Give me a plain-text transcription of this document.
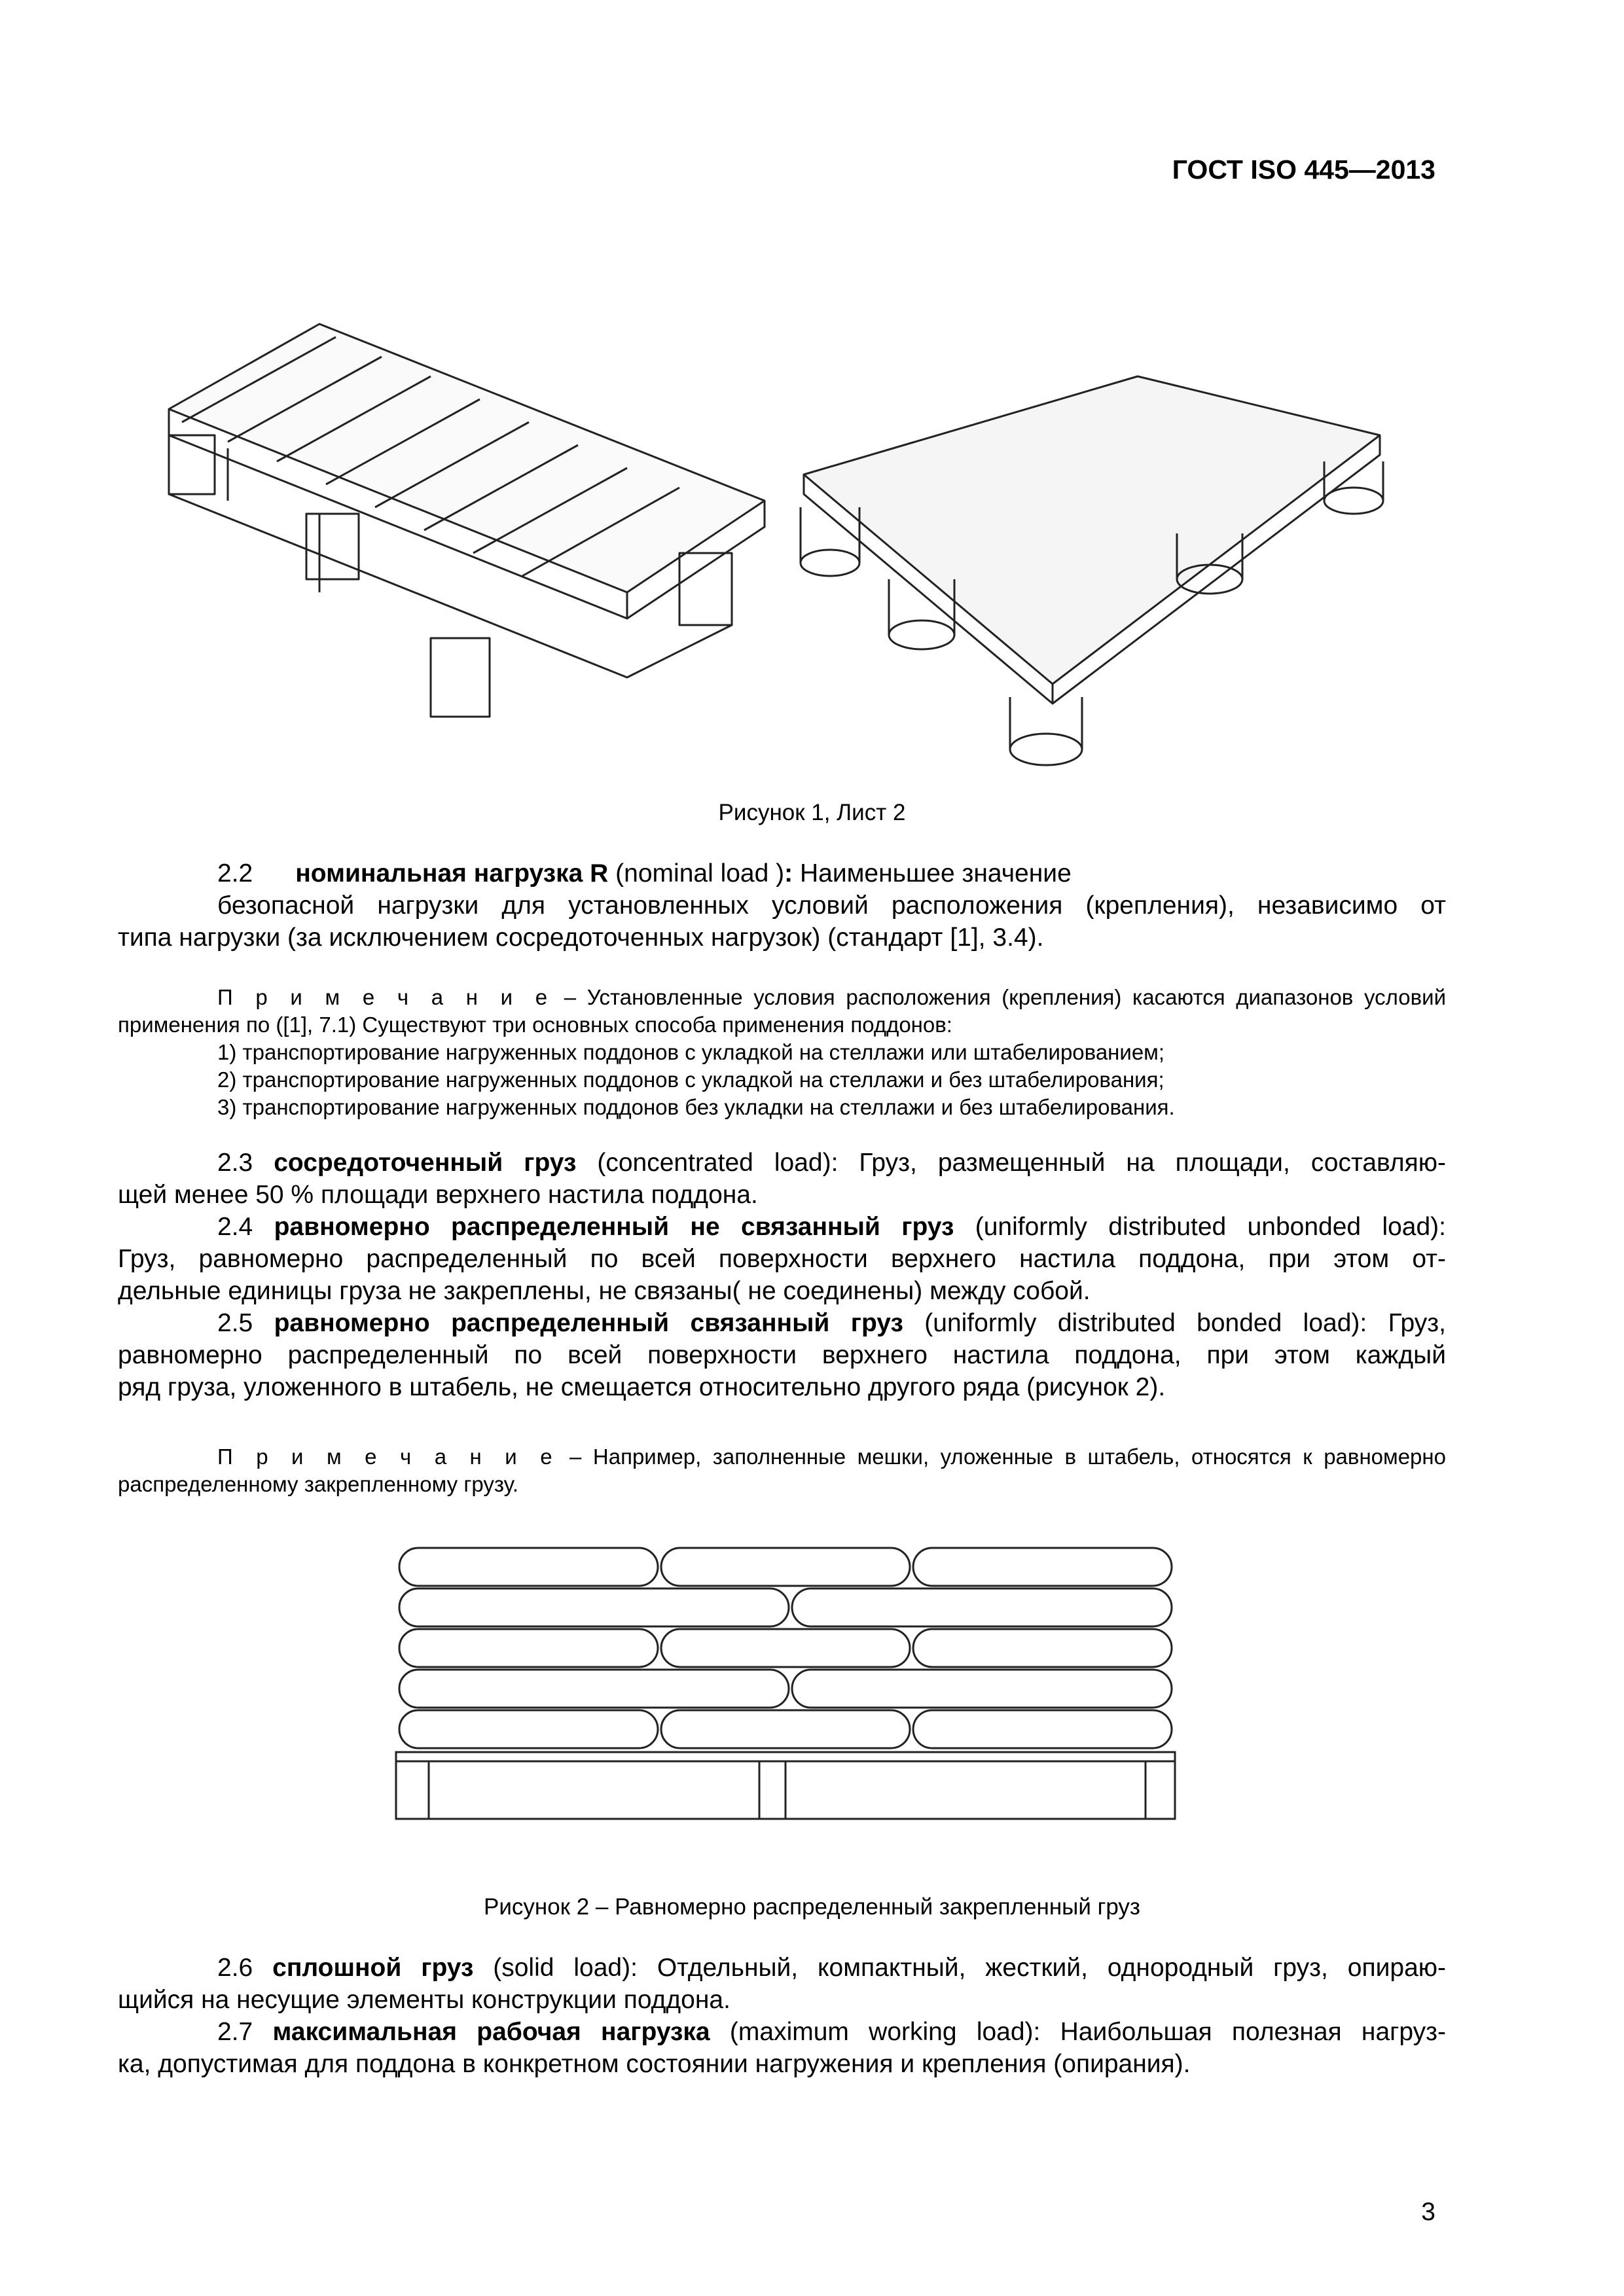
ГОСТ ISO 445—2013
Рисунок 1, Лист 2
2.2 номинальная нагрузка R (nominal load ): Наименьшее значение
безопасной нагрузки для установленных условий расположения (крепления), независимо от
типа нагрузки (за исключением сосредоточенных нагрузок) (стандарт [1], 3.4).
П р и м е ч а н и е – Установленные условия расположения (крепления) касаются диапазонов условий
применения по ([1], 7.1) Существуют три основных способа применения поддонов:
1) транспортирование нагруженных поддонов с укладкой на стеллажи или штабелированием;
2) транспортирование нагруженных поддонов с укладкой на стеллажи и без штабелирования;
3) транспортирование нагруженных поддонов без укладки на стеллажи и без штабелирования.
2.3 сосредоточенный груз (concentrated load): Груз, размещенный на площади, составляю-
щей менее 50 % площади верхнего настила поддона.
2.4 равномерно распределенный не связанный груз (uniformly distributed unbonded load):
Груз, равномерно распределенный по всей поверхности верхнего настила поддона, при этом от-
дельные единицы груза не закреплены, не связаны( не соединены) между собой.
2.5 равномерно распределенный связанный груз (uniformly distributed bonded load): Груз,
равномерно распределенный по всей поверхности верхнего настила поддона, при этом каждый
ряд груза, уложенного в штабель, не смещается относительно другого ряда (рисунок 2).
П р и м е ч а н и е – Например, заполненные мешки, уложенные в штабель, относятся к равномерно
распределенному закрепленному грузу.
Рисунок 2 – Равномерно распределенный закрепленный груз
2.6 сплошной груз (solid load): Отдельный, компактный, жесткий, однородный груз, опираю-
щийся на несущие элементы конструкции поддона.
2.7 максимальная рабочая нагрузка (maximum working load): Наибольшая полезная нагруз-
ка, допустимая для поддона в конкретном состоянии нагружения и крепления (опирания).
3
